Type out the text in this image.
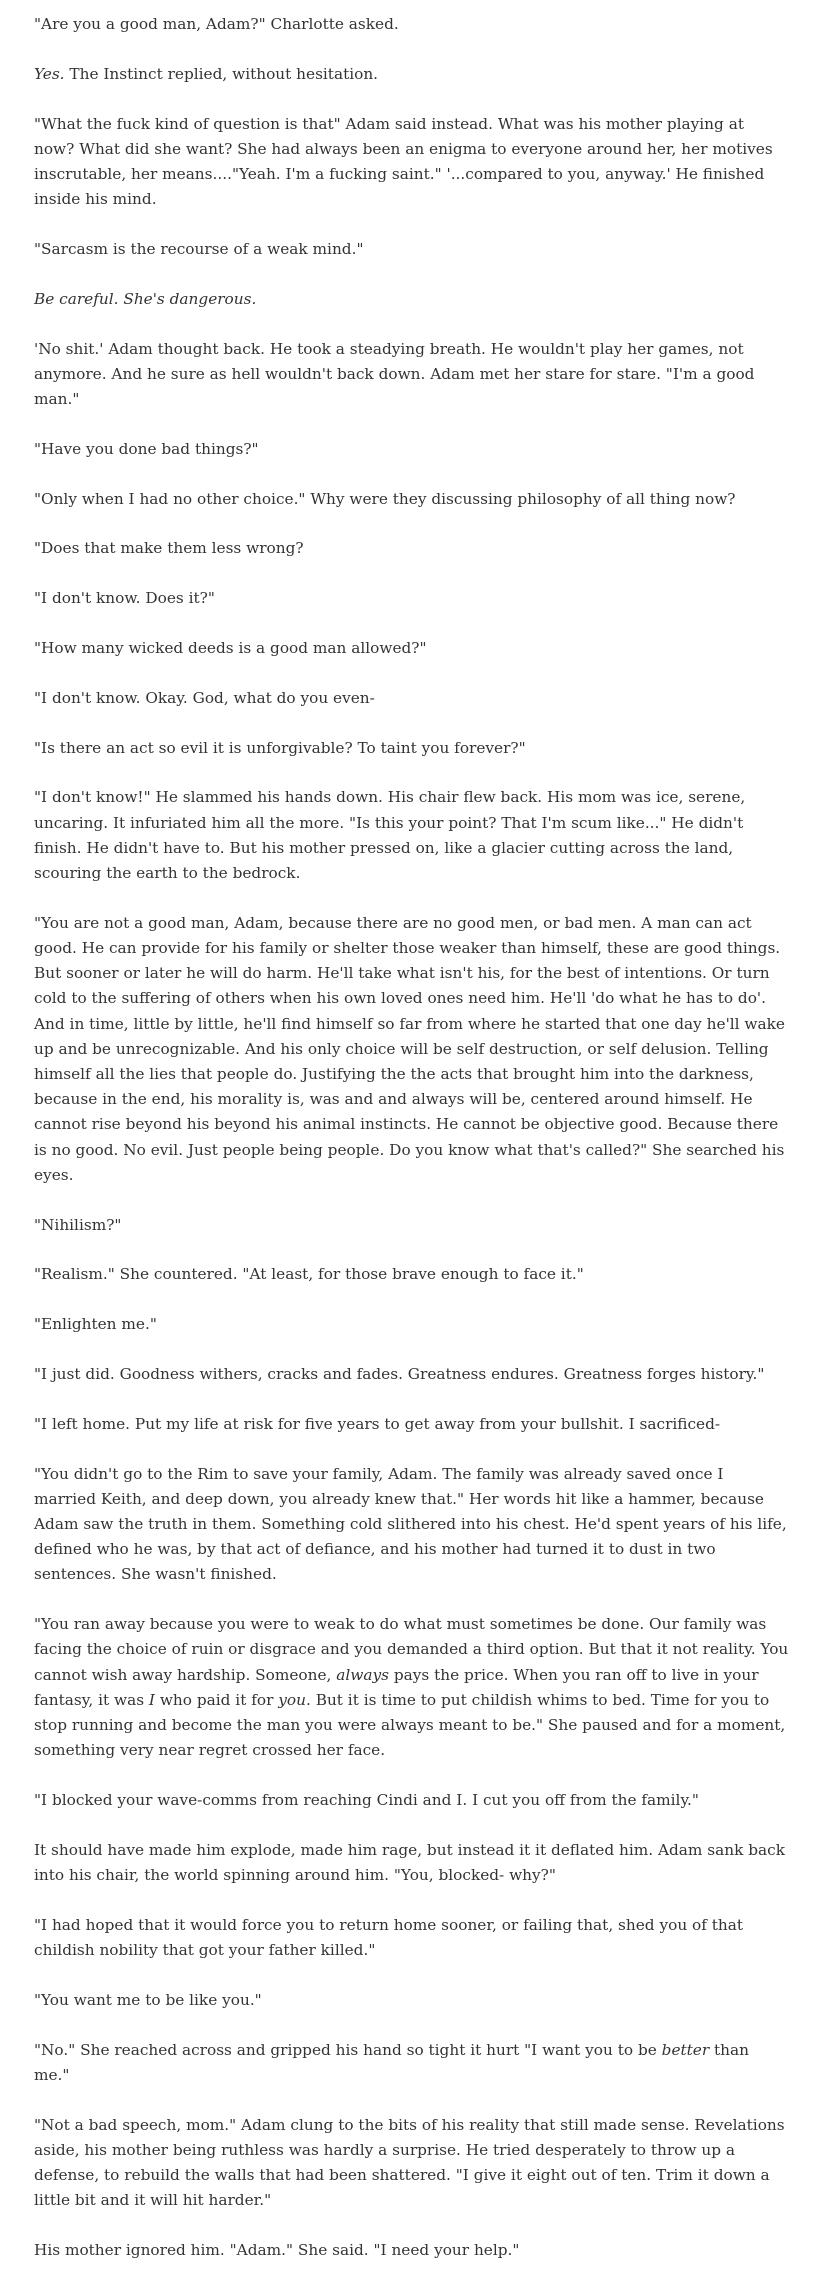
"Are you a good man, Adam?" Charlotte asked.

Yes. The Instinct replied, without hesitation.

"What the fuck kind of question is that" Adam said instead. What was his mother playing at now? What did she want? She had always been an enigma to everyone around her, her motives inscrutable, her means...."Yeah. I'm a fucking saint." '...compared to you, anyway.' He finished inside his mind.

"Sarcasm is the recourse of a weak mind."

Be careful. She's dangerous.

'No shit.' Adam thought back. He took a steadying breath. He wouldn't play her games, not anymore. And he sure as hell wouldn't back down. Adam met her stare for stare. "I'm a good man."

"Have you done bad things?"

"Only when I had no other choice." Why were they discussing philosophy of all thing now?

"Does that make them less wrong?

"I don't know. Does it?"

"How many wicked deeds is a good man allowed?"

"I don't know. Okay. God, what do you even-

"Is there an act so evil it is unforgivable? To taint you forever?"

"I don't know!" He slammed his hands down. His chair flew back. His mom was ice, serene, uncaring. It infuriated him all the more. "Is this your point? That I'm scum like..." He didn't finish. He didn't have to. But his mother pressed on, like a glacier cutting across the land, scouring the earth to the bedrock.

"You are not a good man, Adam, because there are no good men, or bad men. A man can act good. He can provide for his family or shelter those weaker than himself, these are good things. But sooner or later he will do harm. He'll take what isn't his, for the best of intentions. Or turn cold to the suffering of others when his own loved ones need him. He'll 'do what he has to do'. And in time, little by little, he'll find himself so far from where he started that one day he'll wake up and be unrecognizable. And his only choice will be self destruction, or self delusion. Telling himself all the lies that people do. Justifying the the acts that brought him into the darkness, because in the end, his morality is, was and and always will be, centered around himself. He cannot rise beyond his beyond his animal instincts. He cannot be objective good. Because there is no good. No evil. Just people being people. Do you know what that's called?" She searched his eyes.

"Nihilism?"

"Realism." She countered. "At least, for those brave enough to face it."

"Enlighten me."

"I just did. Goodness withers, cracks and fades. Greatness endures. Greatness forges history."

"I left home. Put my life at risk for five years to get away from your bullshit. I sacrificed-

"You didn't go to the Rim to save your family, Adam. The family was already saved once I married Keith, and deep down, you already knew that." Her words hit like a hammer, because Adam saw the truth in them. Something cold slithered into his chest. He'd spent years of his life, defined who he was, by that act of defiance, and his mother had turned it to dust in two sentences. She wasn't finished.

"You ran away because you were to weak to do what must sometimes be done. Our family was facing the choice of ruin or disgrace and you demanded a third option. But that it not reality. You cannot wish away hardship. Someone, always pays the price. When you ran off to live in your fantasy, it was I who paid it for you. But it is time to put childish whims to bed. Time for you to stop running and become the man you were always meant to be." She paused and for a moment, something very near regret crossed her face.

"I blocked your wave-comms from reaching Cindi and I. I cut you off from the family."

It should have made him explode, made him rage, but instead it it deflated him. Adam sank back into his chair, the world spinning around him. "You, blocked- why?"

"I had hoped that it would force you to return home sooner, or failing that, shed you of that childish nobility that got your father killed."

"You want me to be like you."

"No." She reached across and gripped his hand so tight it hurt "I want you to be better than me."

"Not a bad speech, mom." Adam clung to the bits of his reality that still made sense. Revelations aside, his mother being ruthless was hardly a surprise. He tried desperately to throw up a defense, to rebuild the walls that had been shattered. "I give it eight out of ten. Trim it down a little bit and it will hit harder."

His mother ignored him. "Adam." She said. "I need your help."
